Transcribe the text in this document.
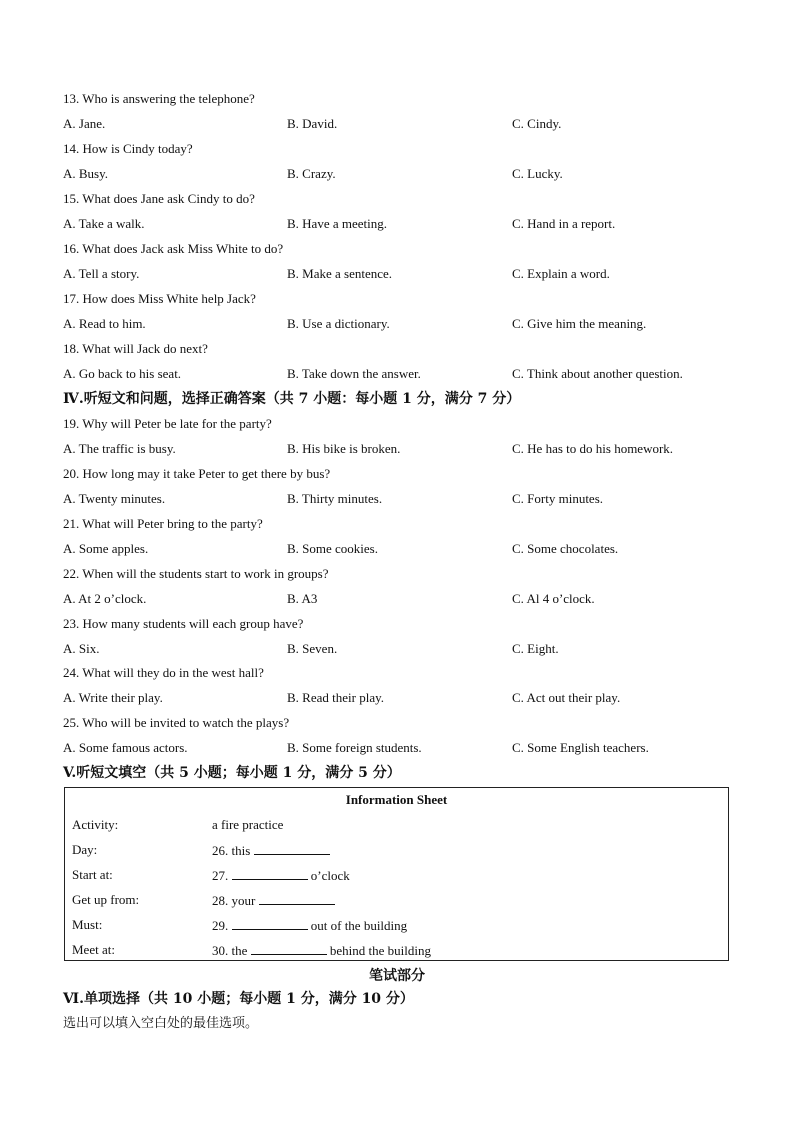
13. Who is answering the telephone?
A. Jane.	B. David.	C. Cindy.
14. How is Cindy today?
A. Busy.	B. Crazy.	C. Lucky.
15. What does Jane ask Cindy to do?
A. Take a walk.	B. Have a meeting.	C. Hand in a report.
16. What does Jack ask Miss White to do?
A. Tell a story.	B. Make a sentence.	C. Explain a word.
17. How does Miss White help Jack?
A. Read to him.	B. Use a dictionary.	C. Give him the meaning.
18. What will Jack do next?
A. Go back to his seat.	B. Take down the answer.	C. Think about another question.
Ⅳ.听短文和问题，选择正确答案（共 7 小题：每小题 1 分，满分 7 分）
19. Why will Peter be late for the party?
A. The traffic is busy.	B. His bike is broken.	C. He has to do his homework.
20. How long may it take Peter to get there by bus?
A. Twenty minutes.	B. Thirty minutes.	C. Forty minutes.
21. What will Peter bring to the party?
A. Some apples.	B. Some cookies.	C. Some chocolates.
22. When will the students start to work in groups?
A. At 2 o’clock.	B. A3	C. Al 4 o’clock.
23. How many students will each group have?
A. Six.	B. Seven.	C. Eight.
24. What will they do in the west hall?
A. Write their play.	B. Read their play.	C. Act out their play.
25. Who will be invited to watch the plays?
A. Some famous actors.	B. Some foreign students.	C. Some English teachers.
V.听短文填空（共 5 小题；每小题 1 分，满分 5 分）
Information Sheet
Activity:	a fire practice
Day:	26. this
Start at:	27.	o’clock
Get up from:	28. your
Must:	29.	out of the building
Meet at:	30. the	behind the building
笔试部分
Ⅵ.单项选择（共 10 小题；每小题 1 分，满分 10 分）
选出可以填入空白处的最佳选项。
